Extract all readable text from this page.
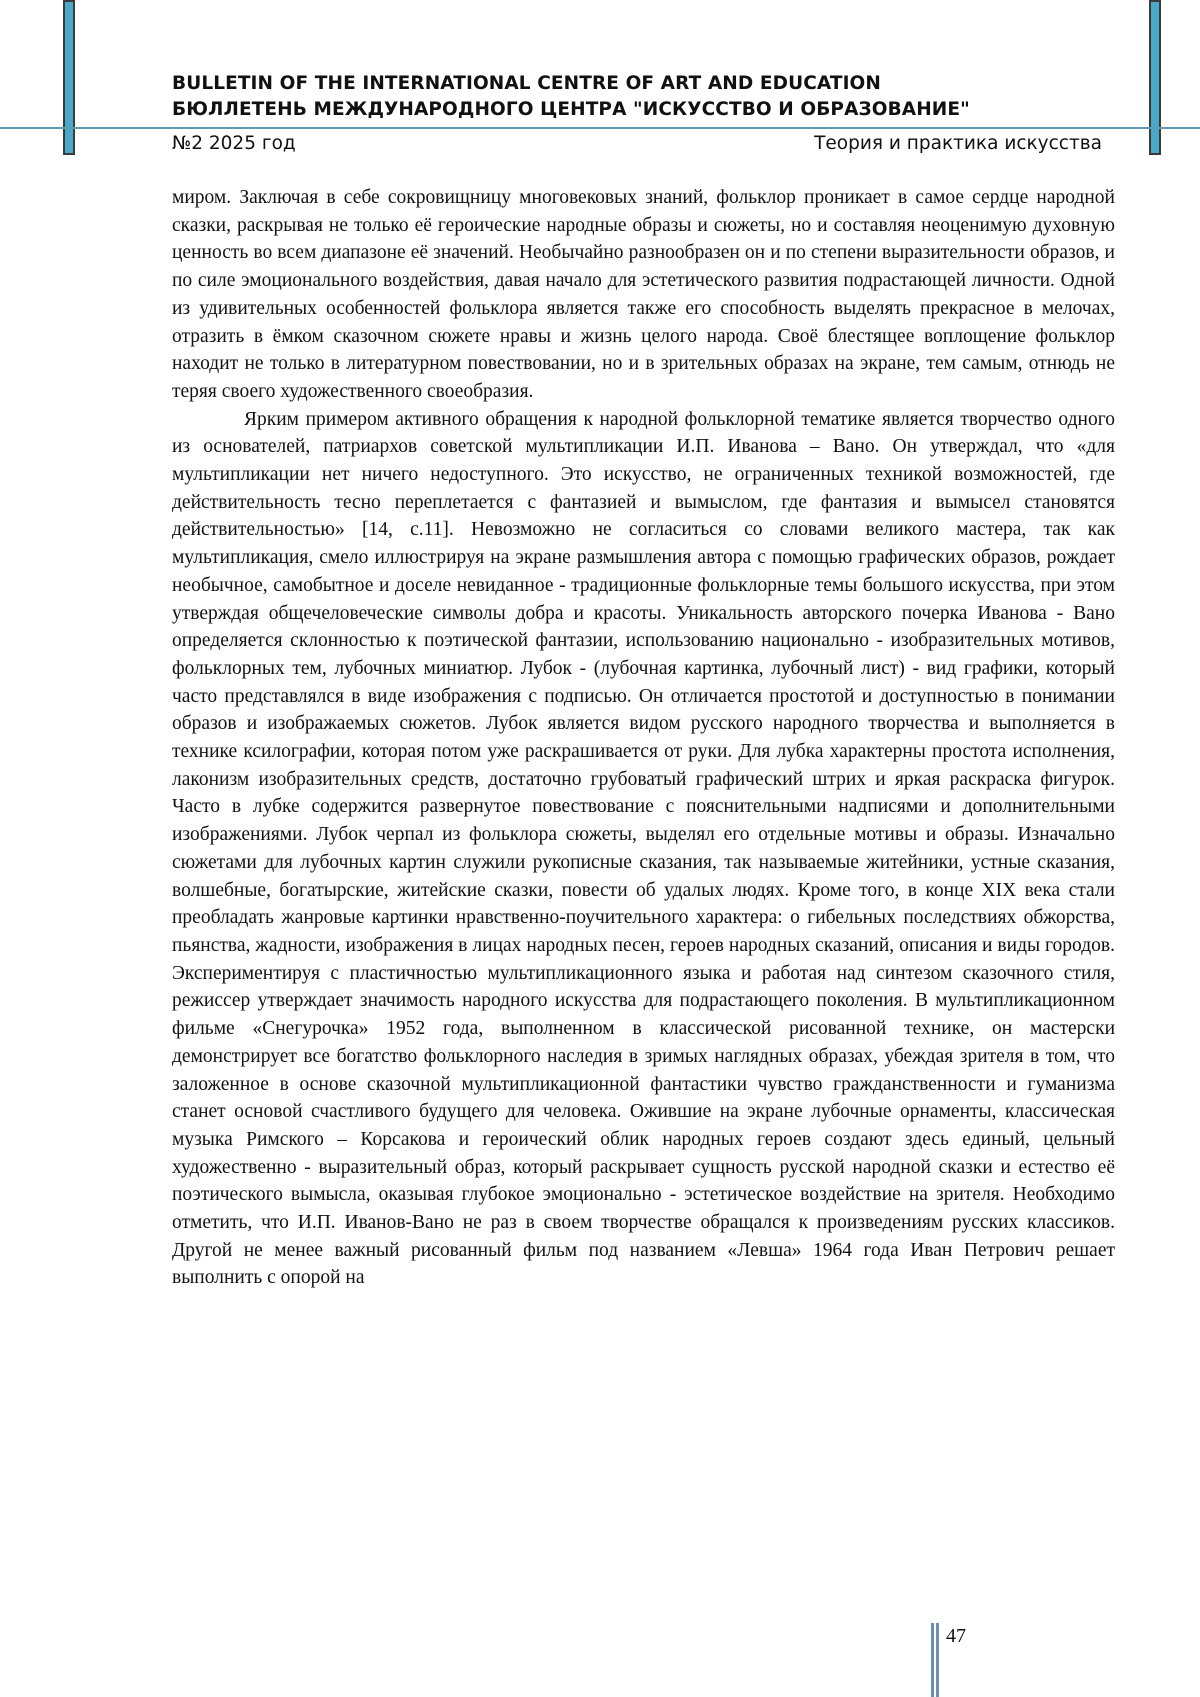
BULLETIN OF THE INTERNATIONAL CENTRE OF ART AND EDUCATION
БЮЛЛЕТЕНЬ МЕЖДУНАРОДНОГО ЦЕНТРА "ИСКУССТВО И ОБРАЗОВАНИЕ"
№2 2025 год	Теория и практика искусства

миром. Заключая в себе сокровищницу многовековых знаний, фольклор проникает в самое сердце народной сказки, раскрывая не только её героические народные образы и сюжеты, но и составляя неоценимую духовную ценность во всем диапазоне её значений. Необычайно разнообразен он и по степени выразительности образов, и по силе эмоционального воздействия, давая начало для эстетического развития подрастающей личности. Одной из удивительных особенностей фольклора является также его способность выделять прекрасное в мелочах, отразить в ёмком сказочном сюжете нравы и жизнь целого народа. Своё блестящее воплощение фольклор находит не только в литературном повествовании, но и в зрительных образах на экране, тем самым, отнюдь не теряя своего художественного своеобразия.

Ярким примером активного обращения к народной фольклорной тематике является творчество одного из основателей, патриархов советской мультипликации И.П. Иванова – Вано. Он утверждал, что «для мультипликации нет ничего недоступного. Это искусство, не ограниченных техникой возможностей, где действительность тесно переплетается с фантазией и вымыслом, где фантазия и вымысел становятся действительностью» [14, с.11]. Невозможно не согласиться со словами великого мастера, так как мультипликация, смело иллюстрируя на экране размышления автора с помощью графических образов, рождает необычное, самобытное и доселе невиданное - традиционные фольклорные темы большого искусства, при этом утверждая общечеловеческие символы добра и красоты. Уникальность авторского почерка Иванова - Вано определяется склонностью к поэтической фантазии, использованию национально - изобразительных мотивов, фольклорных тем, лубочных миниатюр. Лубок - (лубочная картинка, лубочный лист) - вид графики, который часто представлялся в виде изображения с подписью. Он отличается простотой и доступностью в понимании образов и изображаемых сюжетов. Лубок является видом русского народного творчества и выполняется в технике ксилографии, которая потом уже раскрашивается от руки. Для лубка характерны простота исполнения, лаконизм изобразительных средств, достаточно грубоватый графический штрих и яркая раскраска фигурок. Часто в лубке содержится развернутое повествование с пояснительными надписями и дополнительными изображениями. Лубок черпал из фольклора сюжеты, выделял его отдельные мотивы и образы. Изначально сюжетами для лубочных картин служили рукописные сказания, так называемые житейники, устные сказания, волшебные, богатырские, житейские сказки, повести об удалых людях. Кроме того, в конце XIX века стали преобладать жанровые картинки нравственно-поучительного характера: о гибельных последствиях обжорства, пьянства, жадности, изображения в лицах народных песен, героев народных сказаний, описания и виды городов. Экспериментируя с пластичностью мультипликационного языка и работая над синтезом сказочного стиля, режиссер утверждает значимость народного искусства для подрастающего поколения. В мультипликационном фильме «Снегурочка» 1952 года, выполненном в классической рисованной технике, он мастерски демонстрирует все богатство фольклорного наследия в зримых наглядных образах, убеждая зрителя в том, что заложенное в основе сказочной мультипликационной фантастики чувство гражданственности и гуманизма станет основой счастливого будущего для человека. Ожившие на экране лубочные орнаменты, классическая музыка Римского – Корсакова и героический облик народных героев создают здесь единый, цельный художественно - выразительный образ, который раскрывает сущность русской народной сказки и естество её поэтического вымысла, оказывая глубокое эмоционально - эстетическое воздействие на зрителя. Необходимо отметить, что И.П. Иванов-Вано не раз в своем творчестве обращался к произведениям русских классиков. Другой не менее важный рисованный фильм под названием «Левша» 1964 года Иван Петрович решает выполнить с опорой на

47
